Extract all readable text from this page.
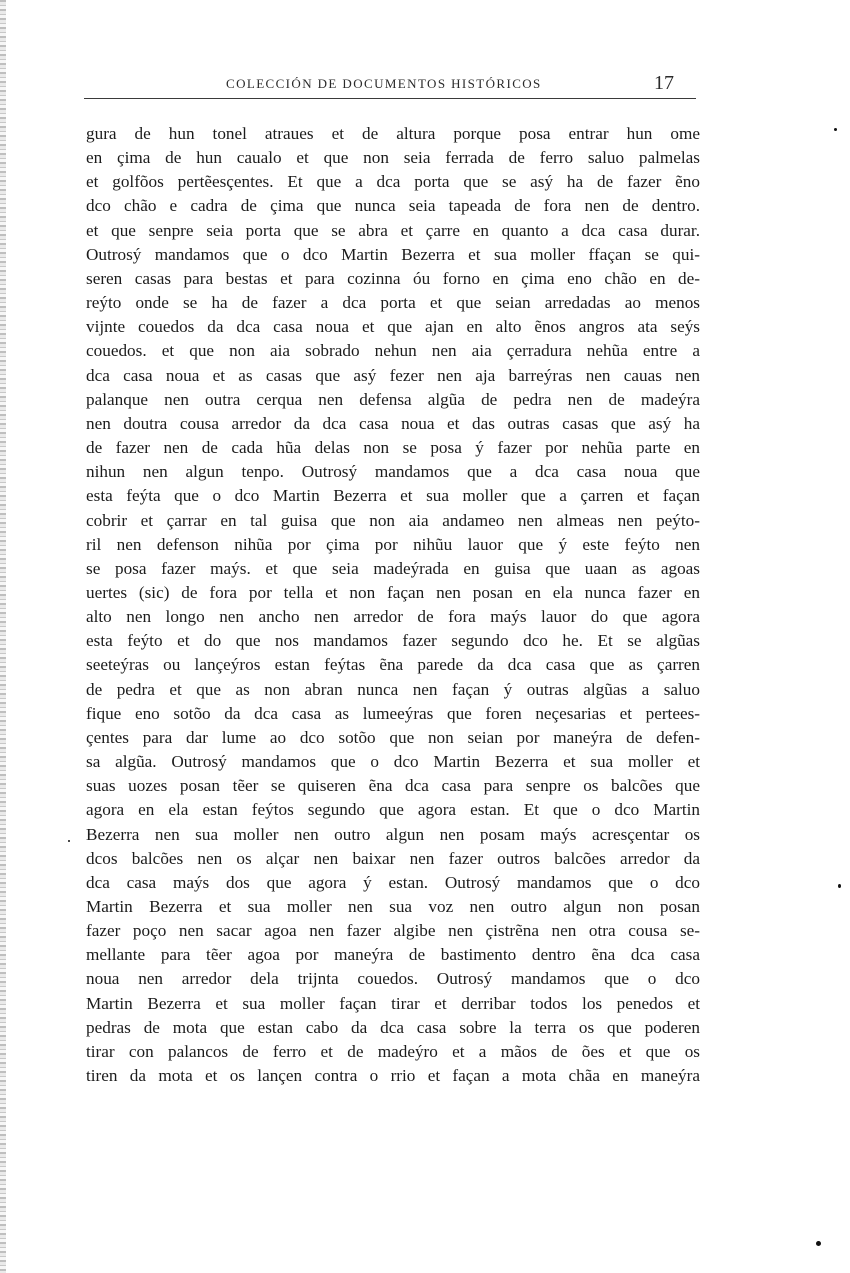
COLECCIÓN DE DOCUMENTOS HISTÓRICOS	17
gura de hun tonel atraues et de altura porque posa entrar hun ome
en çima de hun caualo et que non seia ferrada de ferro saluo palmelas
et golfõos pertẽesçentes. Et que a dca porta que se asý ha de fazer ẽno
dco chão e cadra de çima que nunca seia tapeada de fora nen de dentro.
et que senpre seia porta que se abra et çarre en quanto a dca casa durar.
Outrosý mandamos que o dco Martin Bezerra et sua moller ffaçan se qui-
seren casas para bestas et para cozinna óu forno en çima eno chão en de-
reýto onde se ha de fazer a dca porta et que seian arredadas ao menos
vijnte couedos da dca casa noua et que ajan en alto ẽnos angros ata seýs
couedos. et que non aia sobrado nehun nen aia çerradura nehũa entre a
dca casa noua et as casas que asý fezer nen aja barreýras nen cauas nen
palanque nen outra cerqua nen defensa algũa de pedra nen de madeýra
nen doutra cousa arredor da dca casa noua et das outras casas que asý ha
de fazer nen de cada hũa delas non se posa ý fazer por nehũa parte en
nihun nen algun tenpo. Outrosý mandamos que a dca casa noua que
esta feýta que o dco Martin Bezerra et sua moller que a çarren et façan
cobrir et çarrar en tal guisa que non aia andameo nen almeas nen peýto-
ril nen defenson nihũa por çima por nihũu lauor que ý este feýto nen
se posa fazer maýs. et que seia madeýrada en guisa que uaan as agoas
uertes (sic) de fora por tella et non façan nen posan en ela nunca fazer en
alto nen longo nen ancho nen arredor de fora maýs lauor do que agora
esta feýto et do que nos mandamos fazer segundo dco he. Et se algũas
seeteýras ou lançeýros estan feýtas ẽna parede da dca casa que as çarren
de pedra et que as non abran nunca nen façan ý outras algũas a saluo
fique eno sotõo da dca casa as lumeeýras que foren neçesarias et pertees-
çentes para dar lume ao dco sotõo que non seian por maneýra de defen-
sa algũa. Outrosý mandamos que o dco Martin Bezerra et sua moller et
suas uozes posan tẽer se quiseren ẽna dca casa para senpre os balcões que
agora en ela estan feýtos segundo que agora estan. Et que o dco Martin
Bezerra nen sua moller nen outro algun nen posam maýs acresçentar os
dcos balcões nen os alçar nen baixar nen fazer outros balcões arredor da
dca casa maýs dos que agora ý estan. Outrosý mandamos que o dco
Martin Bezerra et sua moller nen sua voz nen outro algun non posan
fazer poço nen sacar agoa nen fazer algibe nen çistrẽna nen otra cousa se-
mellante para tẽer agoa por maneýra de bastimento dentro ẽna dca casa
noua nen arredor dela trijnta couedos. Outrosý mandamos que o dco
Martin Bezerra et sua moller façan tirar et derribar todos los penedos et
pedras de mota que estan cabo da dca casa sobre la terra os que poderen
tirar con palancos de ferro et de madeýro et a mãos de ões et que os
tiren da mota et os lançen contra o rrio et façan a mota chãa en maneýra
